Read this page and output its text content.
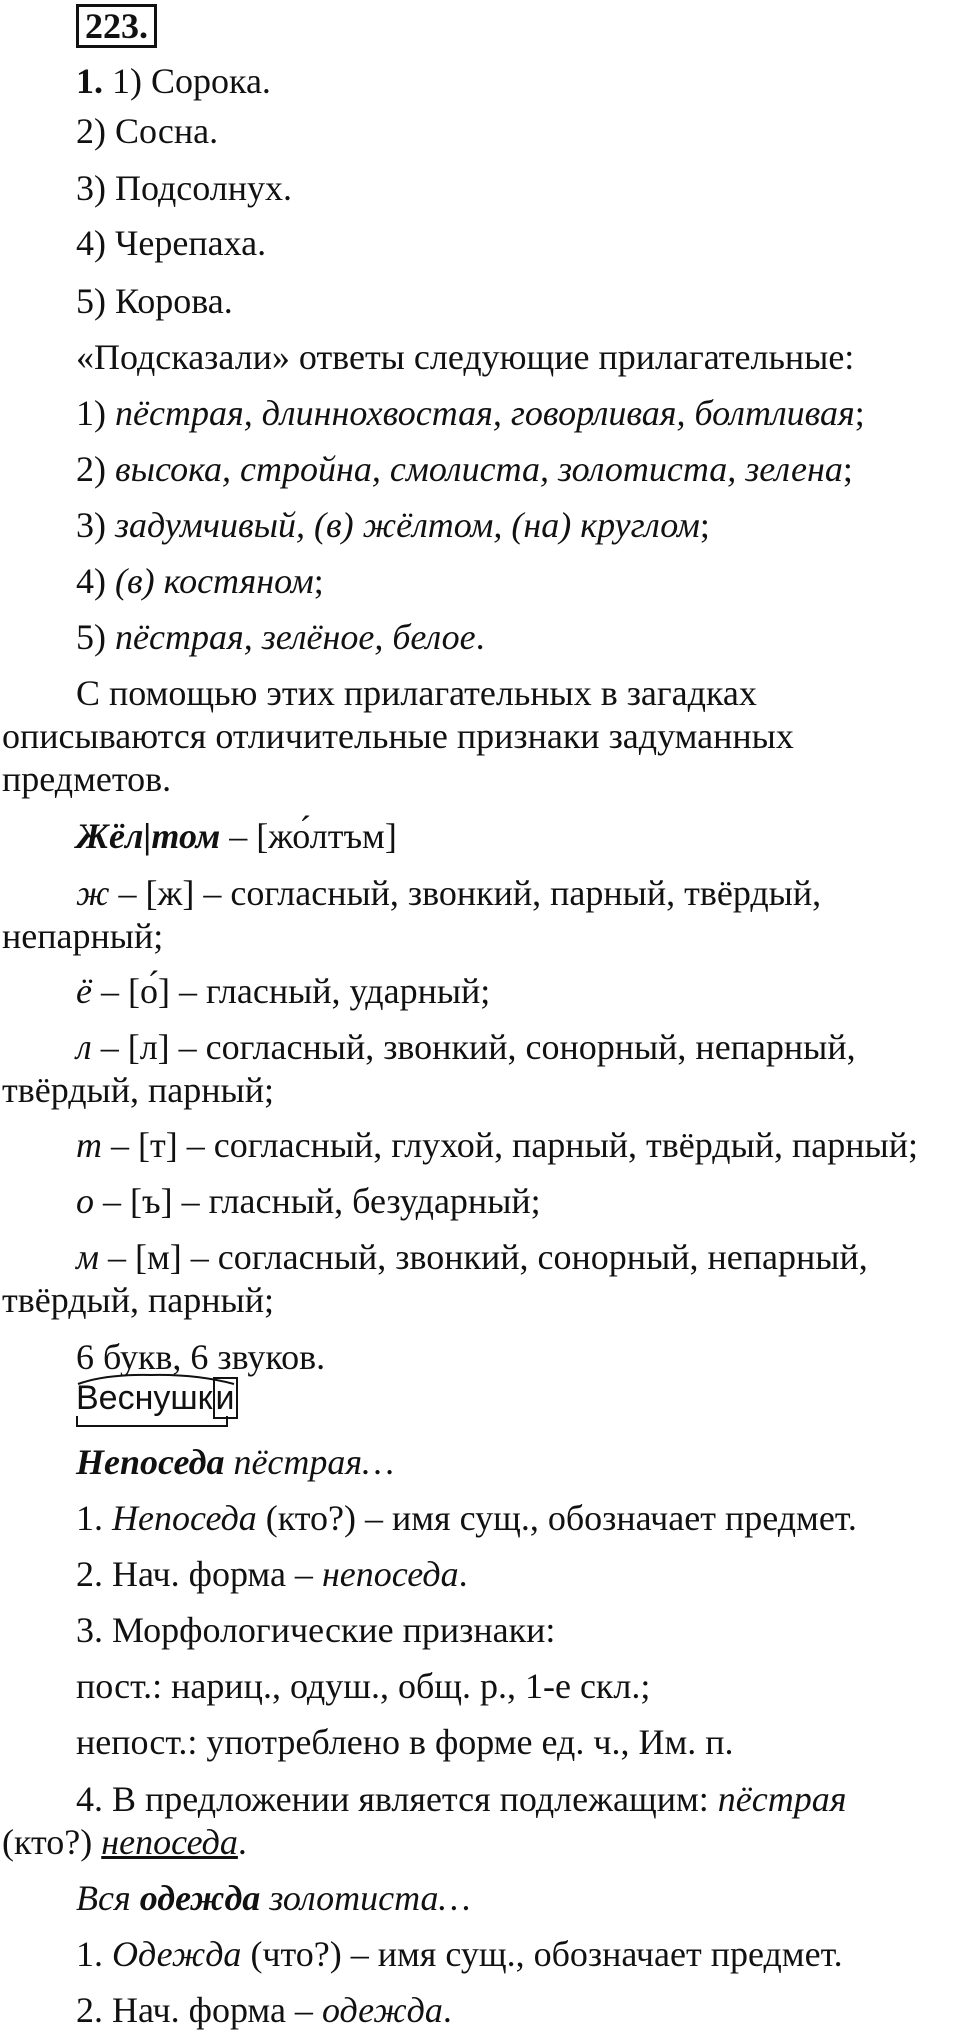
223.
1. 1) Сорока.
2) Сосна.
3) Подсолнух.
4) Черепаха.
5) Корова.
«Подсказали» ответы следующие прилагательные:
1) пёстрая, длиннохвостая, говорливая, болтливая;
2) высока, стройна, смолиста, золотиста, зелена;
3) задумчивый, (в) жёлтом, (на) круглом;
4) (в) костяном;
5) пёстрая, зелёное, белое.
С помощью этих прилагательных в загадках
описываются отличительные признаки задуманных
предметов.
Жёл|том – [жо́лтъм]
ж – [ж] – согласный, звонкий, парный, твёрдый,
непарный;
ё – [о́] – гласный, ударный;
л – [л] – согласный, звонкий, сонорный, непарный,
твёрдый, парный;
т – [т] – согласный, глухой, парный, твёрдый, парный;
о – [ъ] – гласный, безударный;
м – [м] – согласный, звонкий, сонорный, непарный,
твёрдый, парный;
6 букв, 6 звуков.
Веснушки
Непоседа пёстрая…
1. Непоседа (кто?) – имя сущ., обозначает предмет.
2. Нач. форма – непоседа.
3. Морфологические признаки:
пост.: нариц., одуш., общ. р., 1-е скл.;
непост.: употреблено в форме ед. ч., Им. п.
4. В предложении является подлежащим: пёстрая
(кто?) непоседа.
Вся одежда золотиста…
1. Одежда (что?) – имя сущ., обозначает предмет.
2. Нач. форма – одежда.
